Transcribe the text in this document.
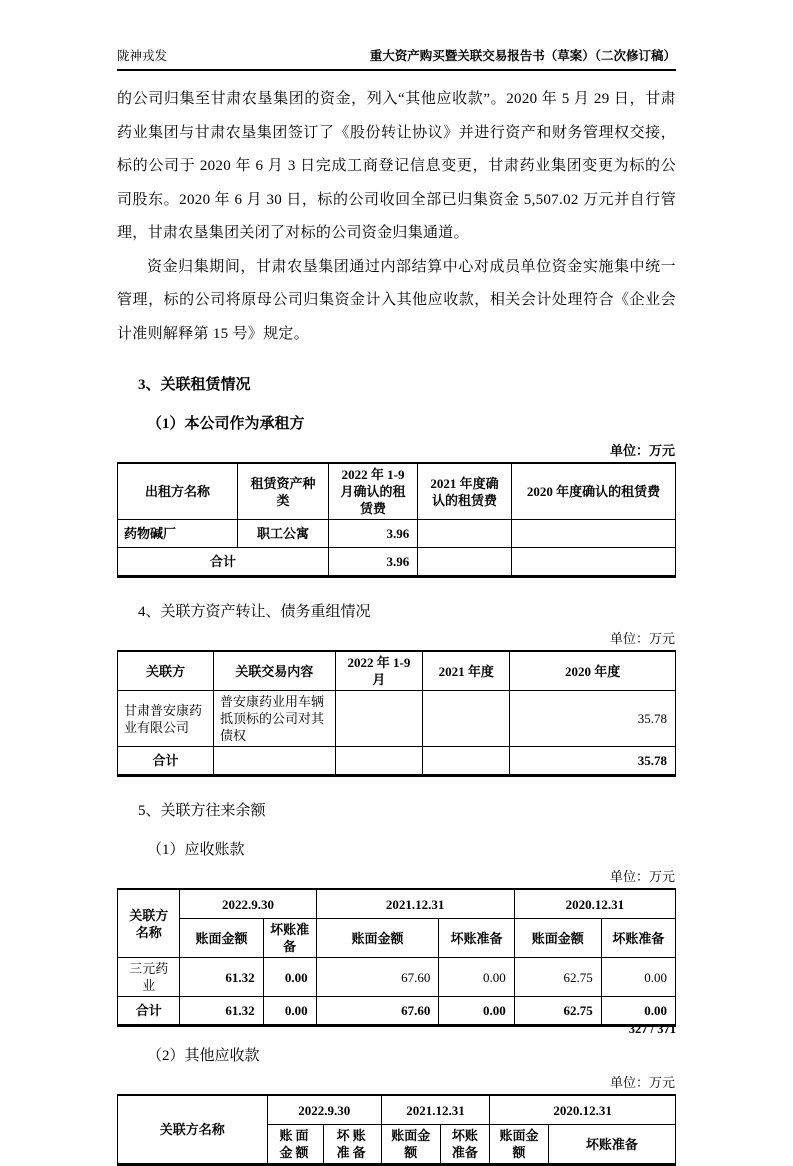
陇神戎发	重大资产购买暨关联交易报告书（草案）（二次修订稿）

的公司归集至甘肃农垦集团的资金，列入“其他应收款”。2020 年 5 月 29 日，甘肃药业集团与甘肃农垦集团签订了《股份转让协议》并进行资产和财务管理权交接，标的公司于 2020 年 6 月 3 日完成工商登记信息变更，甘肃药业集团变更为标的公司股东。2020 年 6 月 30 日，标的公司收回全部已归集资金 5,507.02 万元并自行管理，甘肃农垦集团关闭了对标的公司资金归集通道。

资金归集期间，甘肃农垦集团通过内部结算中心对成员单位资金实施集中统一管理，标的公司将原母公司归集资金计入其他应收款，相关会计处理符合《企业会计准则解释第 15 号》规定。

3、关联租赁情况
（1）本公司作为承租方
单位：万元
出租方名称	租赁资产种类	2022 年 1-9 月确认的租赁费	2021 年度确认的租赁费	2020 年度确认的租赁费
药物碱厂	职工公寓	3.96		
合计		3.96		
4、关联方资产转让、债务重组情况
单位：万元
关联方	关联交易内容	2022 年 1-9 月	2021 年度	2020 年度
甘肃普安康药业有限公司	普安康药业用车辆抵顶标的公司对其债权			35.78
合计				35.78
5、关联方往来余额
（1）应收账款
单位：万元
关联方名称	2022.9.30		2021.12.31		2020.12.31	
	账面金额	坏账准备	账面金额	坏账准备	账面金额	坏账准备
三元药业	61.32	0.00	67.60	0.00	62.75	0.00
合计	61.32	0.00	67.60	0.00	62.75	0.00
（2）其他应收款
单位：万元
关联方名称	2022.9.30		2021.12.31		2020.12.31	
	账面金额	坏账准备	账面金额	坏账准备	账面金额	坏账准备
327 / 371
